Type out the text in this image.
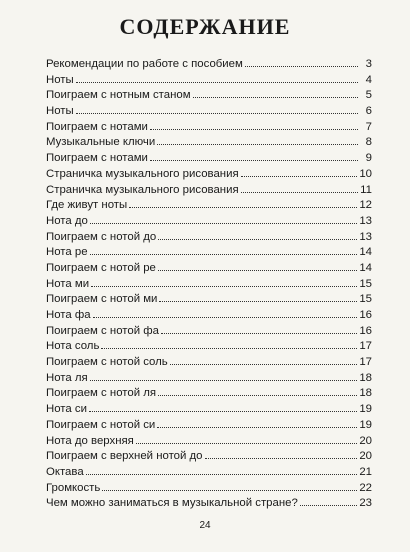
СОДЕРЖАНИЕ
Рекомендации по работе с пособием	3
Ноты	4
Поиграем с нотным станом	5
Ноты	6
Поиграем с нотами	7
Музыкальные ключи	8
Поиграем с нотами	9
Страничка музыкального рисования	10
Страничка музыкального рисования	11
Где живут ноты	12
Нота до	13
Поиграем с нотой до	13
Нота ре	14
Поиграем с нотой ре	14
Нота ми	15
Поиграем с нотой ми	15
Нота фа	16
Поиграем с нотой фа	16
Нота соль	17
Поиграем с нотой соль	17
Нота ля	18
Поиграем с нотой ля	18
Нота си	19
Поиграем с нотой си	19
Нота до верхняя	20
Поиграем с верхней нотой до	20
Октава	21
Громкость	22
Чем можно заниматься в музыкальной стране?	23
24
